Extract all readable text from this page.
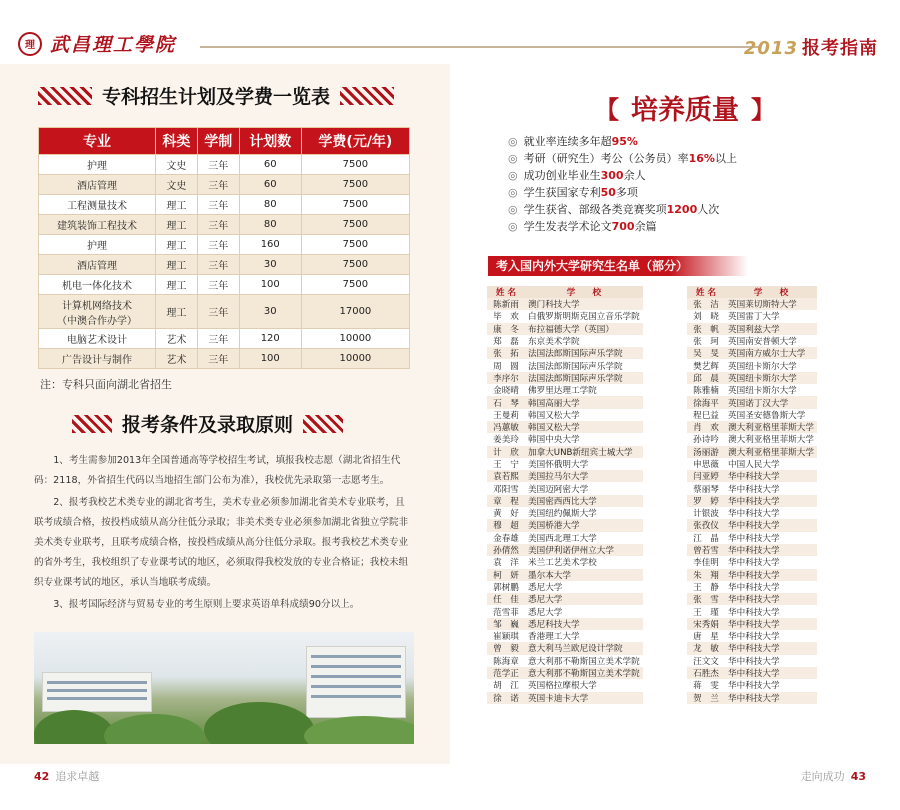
理 武昌理工學院	2013 报考指南
专科招生计划及学费一览表
专业	科类	学制	计划数	学费(元/年)
护理	文史	三年	60	7500
酒店管理	文史	三年	60	7500
工程测量技术	理工	三年	80	7500
建筑装饰工程技术	理工	三年	80	7500
护理	理工	三年	160	7500
酒店管理	理工	三年	30	7500
机电一体化技术	理工	三年	100	7500
计算机网络技术
（中澳合作办学）	理工	三年	30	17000
电脑艺术设计	艺术	三年	120	10000
广告设计与制作	艺术	三年	100	10000
注：专科只面向湖北省招生
报考条件及录取原则

1、考生需参加2013年全国普通高等学校招生考试，填报我校志愿（湖北省招生代码：2118，外省招生代码以当地招生部门公布为准），我校优先录取第一志愿考生。

2、报考我校艺术类专业的湖北省考生，美术专业必须参加湖北省美术专业联考，且联考成绩合格，按投档成绩从高分往低分录取；非美术类专业必须参加湖北省独立学院非美术类专业联考，且联考成绩合格，按投档成绩从高分往低分录取。报考我校艺术类专业的省外考生，我校组织了专业课考试的地区，必须取得我校发放的专业合格证；我校未组织专业课考试的地区，承认当地联考成绩。

3、报考国际经济与贸易专业的考生原则上要求英语单科成绩90分以上。

42 追求卓越
【 培养质量 】
◎ 就业率连续多年超95%
◎ 考研（研究生）考公（公务员）率16%以上
◎ 成功创业毕业生300余人
◎ 学生获国家专利50多项
◎ 学生获省、部级各类竞赛奖项1200人次
◎ 学生发表学术论文700余篇
考入国内外大学研究生名单（部分）
姓 名	学　　校
陈新雨	澳门科技大学
毕　欢	白俄罗斯明斯克国立音乐学院
康　冬	布拉福德大学（英国）
郑　磊	东京美术学院
张　拓	法国法郎斯国际声乐学院
周　圆	法国法郎斯国际声乐学院
李序尔	法国法郎斯国际声乐学院
金晓晴	佛罗里达理工学院
石　琴	韩国高丽大学
王曼莉	韩国又松大学
冯蕙敏	韩国又松大学
姜美玲	韩国中央大学
计　欣	加拿大UNB新纽宾士城大学
王　宁	美国怀俄明大学
袁若熙	美国拉马尔大学
邓阳雪	美国迈阿密大学
章　程	美国密西西比大学
黄　好	美国纽约佩斯大学
穆　超	美国桥港大学
金春雄	美国西北理工大学
孙倩然	美国伊利诺伊州立大学
袁　洋	米兰工艺美术学校
柯　妍	墨尔本大学
郭树鹏	悉尼大学
任　佳	悉尼大学
范雪菲	悉尼大学
邹　巍	悉尼科技大学
崔颖琪	香港理工大学
曾　毅	意大利马兰欧尼设计学院
陈海章	意大利那不勒斯国立美术学院
范学正	意大利那不勒斯国立美术学院
胡　江	英国格拉摩根大学
徐　诺	英国卡迪卡大学
姓 名	学　　校
张　洁	英国莱切斯特大学
刘　晓	英国雷丁大学
张　帆	英国利兹大学
张　珂	英国南安普顿大学
吴　旻	英国南方威尔士大学
樊艺辉	英国纽卡斯尔大学
邱　晨	英国纽卡斯尔大学
陈雅楠	英国纽卡斯尔大学
徐海平	英国诺丁汉大学
程巳益	英国圣安德鲁斯大学
肖　欢	澳大利亚格里菲斯大学
孙诗吟	澳大利亚格里菲斯大学
汤丽游	澳大利亚格里菲斯大学
申思薇	中国人民大学
闫亚婷	华中科技大学
蔡丽琴	华中科技大学
罗　婷	华中科技大学
计银波	华中科技大学
张孜仪	华中科技大学
江　晶	华中科技大学
曾若雪	华中科技大学
李佳明	华中科技大学
朱　翔	华中科技大学
王　静	华中科技大学
张　雪	华中科技大学
王　瑾	华中科技大学
宋秀娟	华中科技大学
唐　星	华中科技大学
龙　敏	华中科技大学
汪文文	华中科技大学
石胜杰	华中科技大学
蒋　雯	华中科技大学
贺　兰	华中科技大学
走向成功 43
